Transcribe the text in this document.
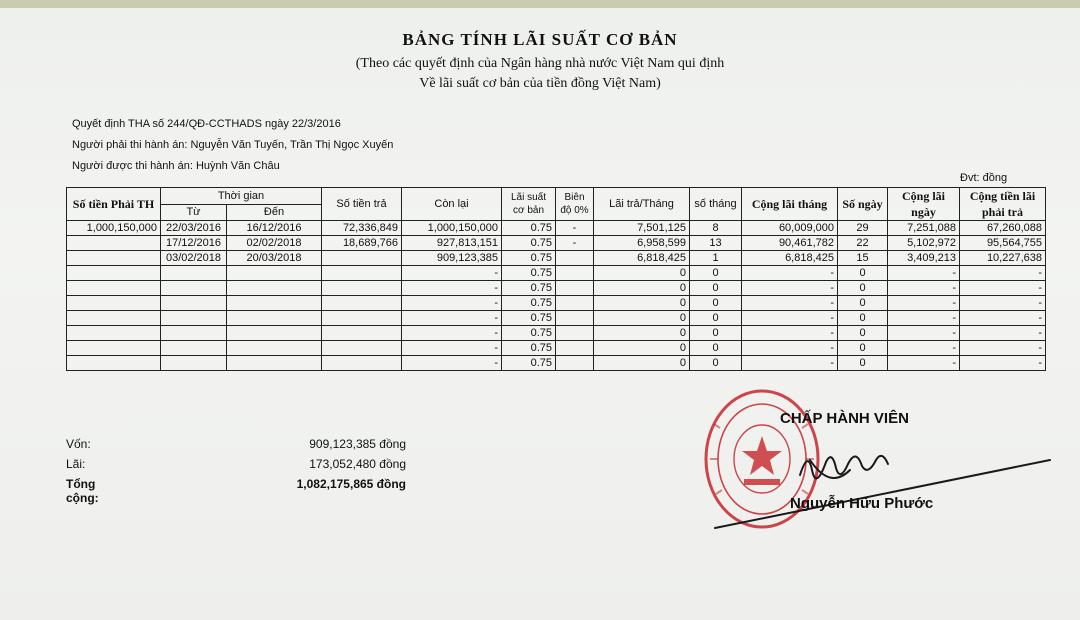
BẢNG TÍNH LÃI SUẤT CƠ BẢN
(Theo các quyết định của Ngân hàng nhà nước Việt Nam qui định
Về lãi suất cơ bản của tiền đồng Việt Nam)
Quyết định THA số 244/QĐ-CCTHADS ngày 22/3/2016
Người phải thi hành án: Nguyễn Văn Tuyến, Trần Thị Ngọc Xuyến
Người được thi hành án: Huỳnh Văn Châu
Đvt: đồng
Số tiền Phải TH	Thời gian		Số tiền trả	Còn lại	Lãi suất cơ bản	Biên độ 0%	Lãi trả/Tháng	số tháng	Cộng lãi tháng	Số ngày	Cộng lãi ngày	Cộng tiền lãi phải trả
	Từ	Đến										
1,000,150,000	22/03/2016	16/12/2016	72,336,849	1,000,150,000	0.75	-	7,501,125	8	60,009,000	29	7,251,088	67,260,088
	17/12/2016	02/02/2018	18,689,766	927,813,151	0.75	-	6,958,599	13	90,461,782	22	5,102,972	95,564,755
	03/02/2018	20/03/2018		909,123,385	0.75		6,818,425	1	6,818,425	15	3,409,213	10,227,638
				-	0.75		0	0	-	0	-	-
				-	0.75		0	0	-	0	-	-
				-	0.75		0	0	-	0	-	-
				-	0.75		0	0	-	0	-	-
				-	0.75		0	0	-	0	-	-
				-	0.75		0	0	-	0	-	-
				-	0.75		0	0	-	0	-	-
Vốn:	909,123,385 đồng
Lãi:	173,052,480 đồng
Tổng cộng:
1,082,175,865 đồng
CHẤP HÀNH VIÊN
Nguyễn Hữu Phước
